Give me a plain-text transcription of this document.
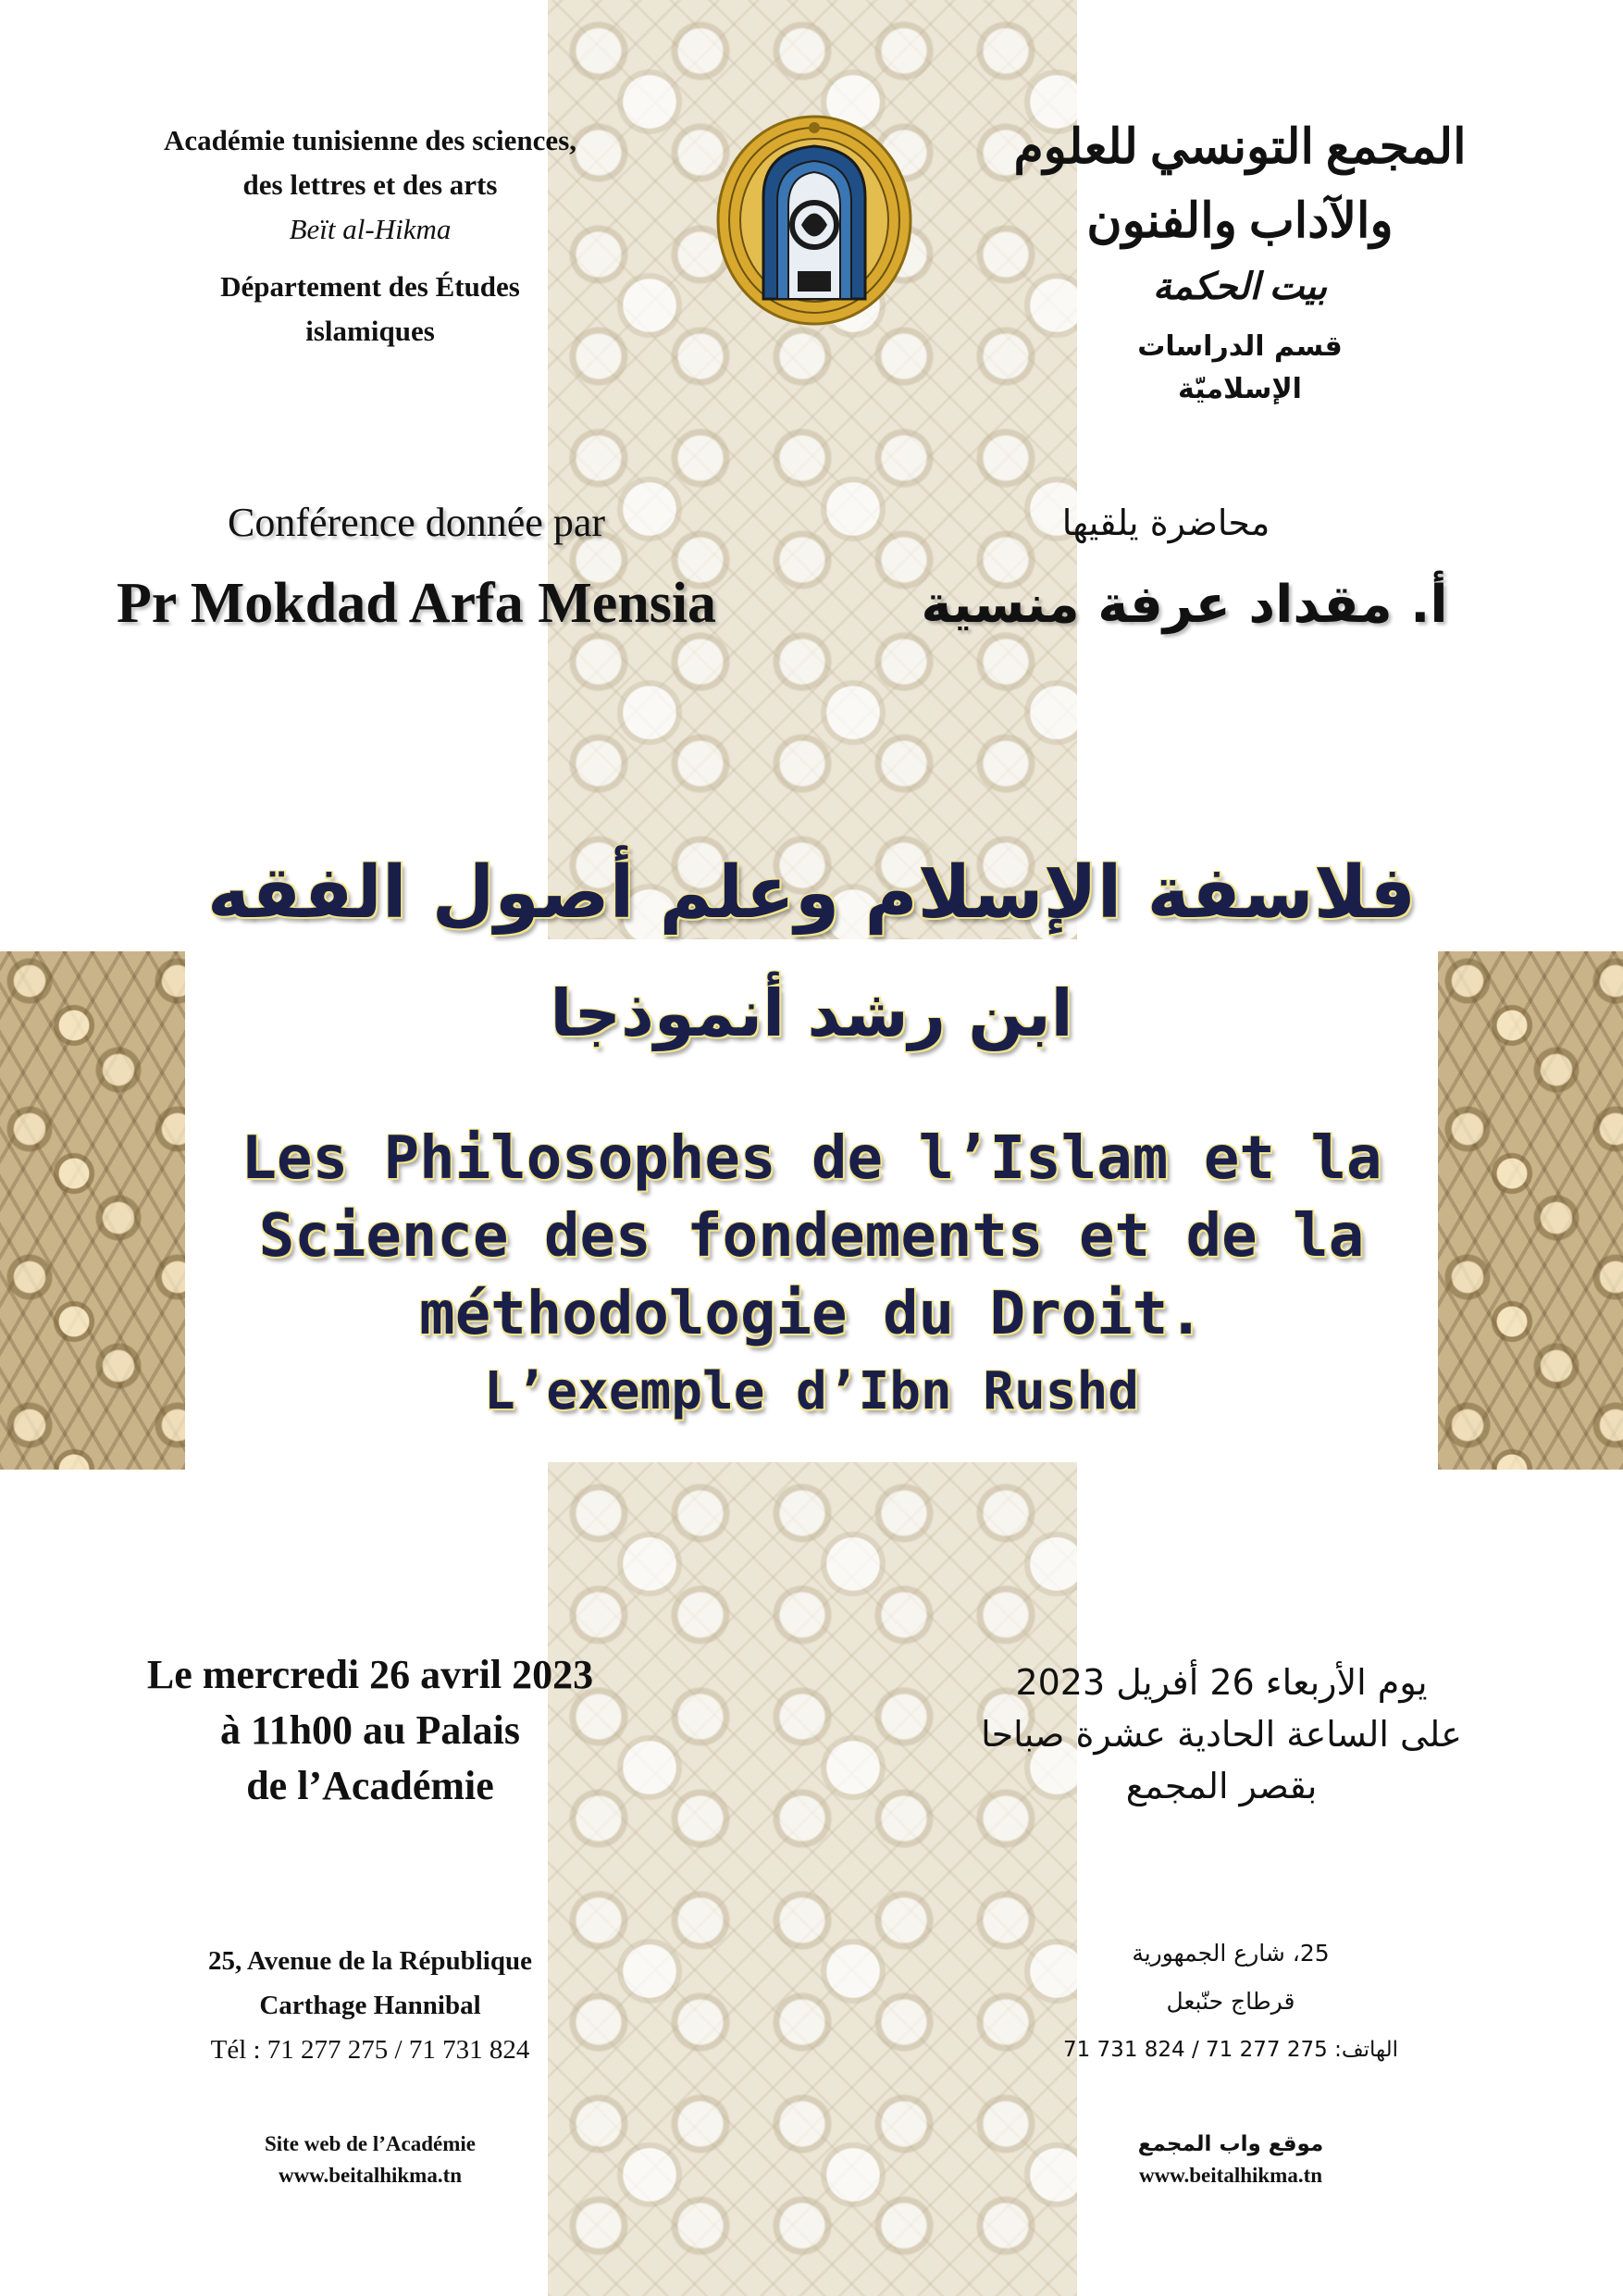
Académie tunisienne des sciences,
des lettres et des arts
Beït al-Hikma
Département des Études
islamiques
المجمع التونسي للعلوم والآداب والفنون
بيت الحكمة
قسم الدراسات
الإسلاميّة
Conférence donnée par
Pr Mokdad Arfa Mensia
محاضرة يلقيها
أ. مقداد عرفة منسية
فلاسفة الإسلام وعلم أصول الفقه
ابن رشد أنموذجا
Les Philosophes de l’Islam et la
Science des fondements et de la
méthodologie du Droit.
L’exemple d’Ibn Rushd
Le mercredi 26 avril 2023
à 11h00 au Palais
de l’Académie
يوم الأربعاء 26 أفريل 2023
على الساعة الحادية عشرة صباحا
بقصر المجمع
25, Avenue de la République
Carthage Hannibal
Tél : 71 277 275 / 71 731 824
25، شارع الجمهورية
قرطاج حنّبعل
الهاتف: 275 277 71 / 824 731 71
Site web de l’Académie
www.beitalhikma.tn
موقع واب المجمع
www.beitalhikma.tn
